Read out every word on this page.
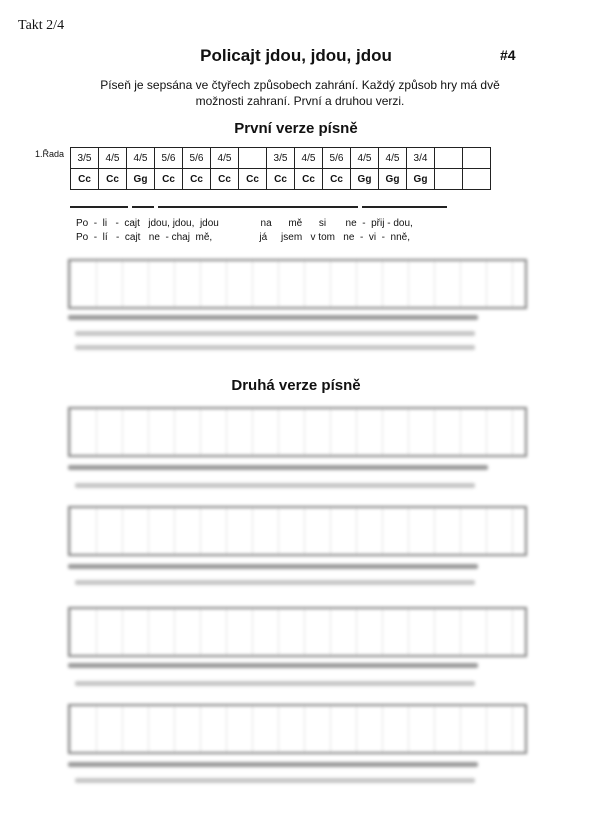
Takt 2/4
Policajt jdou, jdou, jdou	#4
Píseň je sepsána ve čtyřech způsobech zahrání. Každý způsob hry má dvě možnosti zahraní. První a druhou verzi.
První verze písně
1.Řada 3/5	4/5	4/5	5/6	5/6	4/5		3/5	4/5	5/6	4/5	4/5	3/4		
Cc	Cc	Gg	Cc	Cc	Cc	Cc	Cc	Cc	Cc	Gg	Gg	Gg		
Po  -  li   -  cajt   jdou, jdou,  jdou               na      mě      si       ne  -  přij - dou,
Po  -  lí   -  cajt   ne  - chaj  mě,                 já     jsem   v tom   ne  -  vi  -  nně,
Druhá verze písně
